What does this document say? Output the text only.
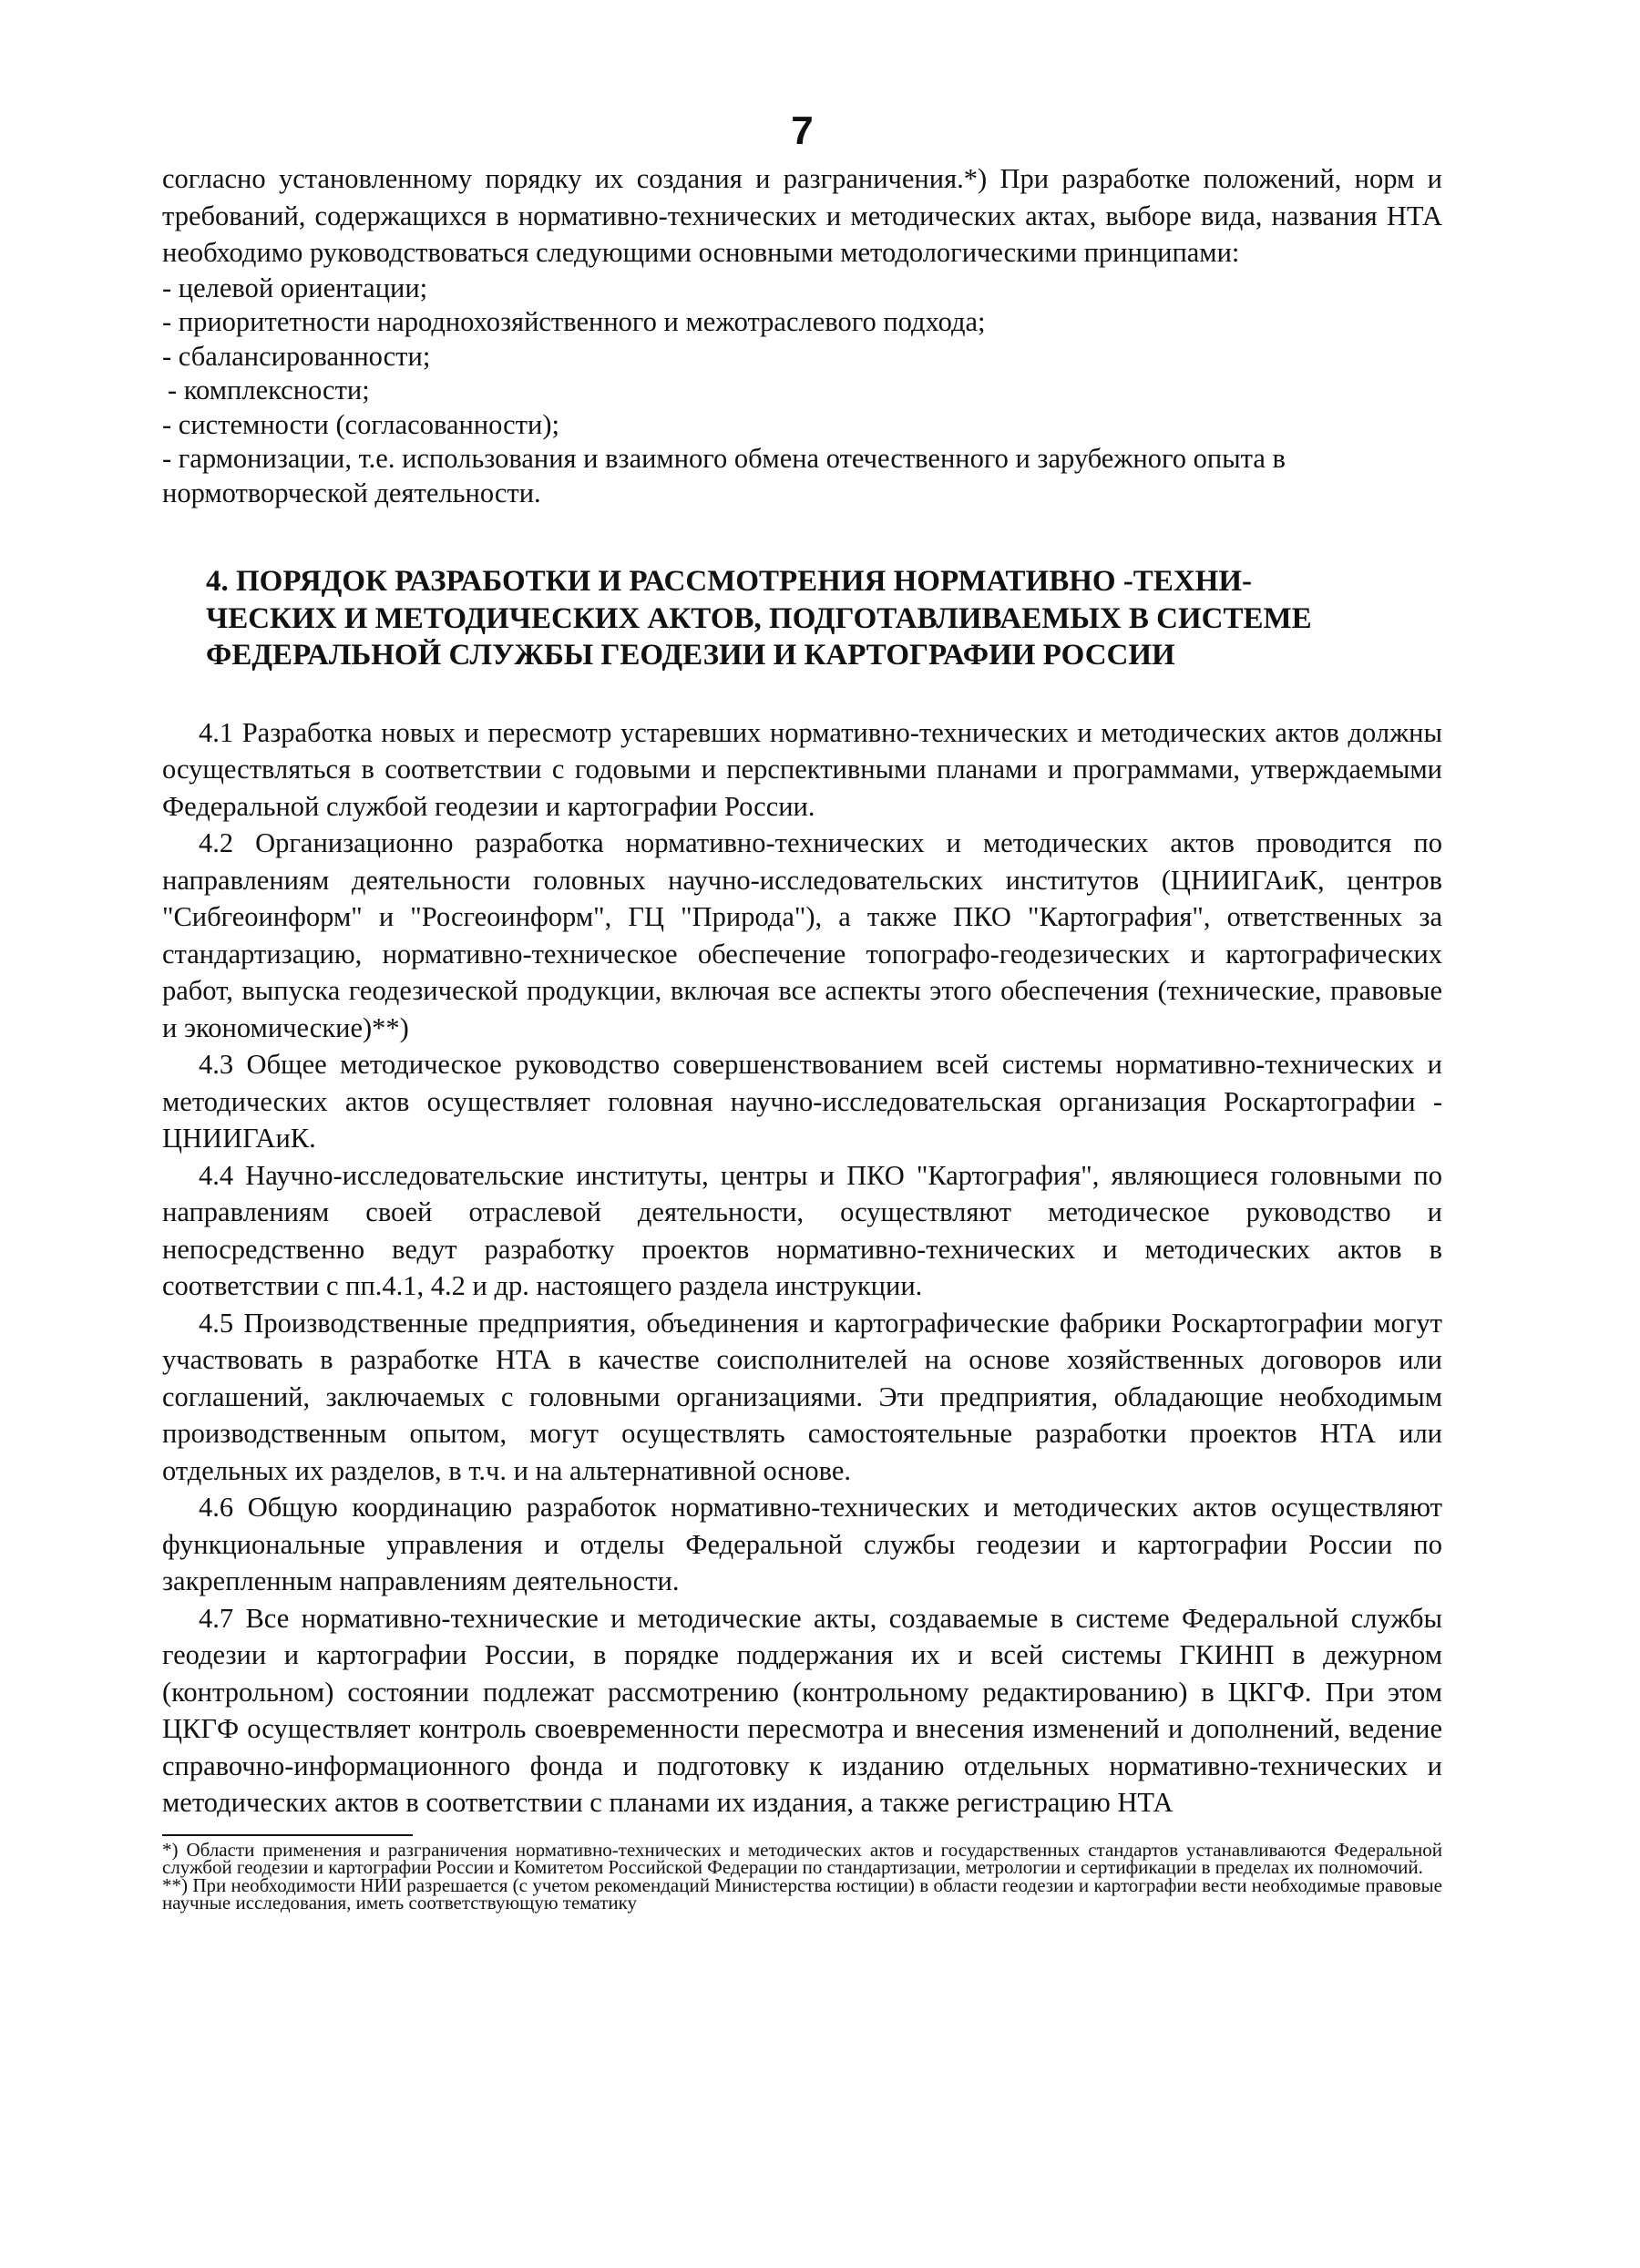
7

согласно установленному порядку их создания и разграничения.*) При разработке положений, норм и требований, содержащихся в нормативно-технических и методических актах, выборе вида, названия НТА необходимо руководствоваться следующими основными методологическими принципами:

- целевой ориентации;
- приоритетности народнохозяйственного и межотраслевого подхода;
- сбалансированности;
- комплексности;
- системности (согласованности);
- гармонизации, т.е. использования и взаимного обмена отечественного и зарубежного опыта в нормотворческой деятельности.
4. ПОРЯДОК РАЗРАБОТКИ И РАССМОТРЕНИЯ НОРМАТИВНО -ТЕХНИ-
ЧЕСКИХ И МЕТОДИЧЕСКИХ АКТОВ, ПОДГОТАВЛИВАЕМЫХ В СИСТЕМЕ
ФЕДЕРАЛЬНОЙ СЛУЖБЫ ГЕОДЕЗИИ И КАРТОГРАФИИ РОССИИ

4.1 Разработка новых и пересмотр устаревших нормативно-технических и методических актов должны осуществляться в соответствии с годовыми и перспективными планами и программами, утверждаемыми Федеральной службой геодезии и картографии России.

4.2 Организационно разработка нормативно-технических и методических актов проводится по направлениям деятельности головных научно-исследовательских институтов (ЦНИИГАиК, центров "Сибгеоинформ" и "Росгеоинформ", ГЦ "Природа"), а также ПКО "Картография", ответственных за стандартизацию, нормативно-техническое обеспечение топографо-геодезических и картографических работ, выпуска геодезической продукции, включая все аспекты этого обеспечения (технические, правовые и экономические)**)

4.3 Общее методическое руководство совершенствованием всей системы нормативно-технических и методических актов осуществляет головная научно-исследовательская организация Роскартографии - ЦНИИГАиК.

4.4 Научно-исследовательские институты, центры и ПКО "Картография", являющиеся головными по направлениям своей отраслевой деятельности, осуществляют методическое руководство и непосредственно ведут разработку проектов нормативно-технических и методических актов в соответствии с пп.4.1, 4.2 и др. настоящего раздела инструкции.

4.5 Производственные предприятия, объединения и картографические фабрики Роскартографии могут участвовать в разработке НТА в качестве соисполнителей на основе хозяйственных договоров или соглашений, заключаемых с головными организациями. Эти предприятия, обладающие необходимым производственным опытом, могут осуществлять самостоятельные разработки проектов НТА или отдельных их разделов, в т.ч. и на альтернативной основе.

4.6 Общую координацию разработок нормативно-технических и методических актов осуществляют функциональные управления и отделы Федеральной службы геодезии и картографии России по закрепленным направлениям деятельности.

4.7 Все нормативно-технические и методические акты, создаваемые в системе Федеральной службы геодезии и картографии России, в порядке поддержания их и всей системы ГКИНП в дежурном (контрольном) состоянии подлежат рассмотрению (контрольному редактированию) в ЦКГФ. При этом ЦКГФ осуществляет контроль своевременности пересмотра и внесения изменений и дополнений, ведение справочно-информационного фонда и подготовку к изданию отдельных нормативно-технических и методических актов в соответствии с планами их издания, а также регистрацию НТА

*) Области применения и разграничения нормативно-технических и методических актов и государственных стандартов устанавливаются Федеральной службой геодезии и картографии России и Комитетом Российской Федерации по стандартизации, метрологии и сертификации в пределах их полномочий.
**) При необходимости НИИ разрешается (с учетом рекомендаций Министерства юстиции) в области геодезии и картографии вести необходимые правовые научные исследования, иметь соответствующую тематику
